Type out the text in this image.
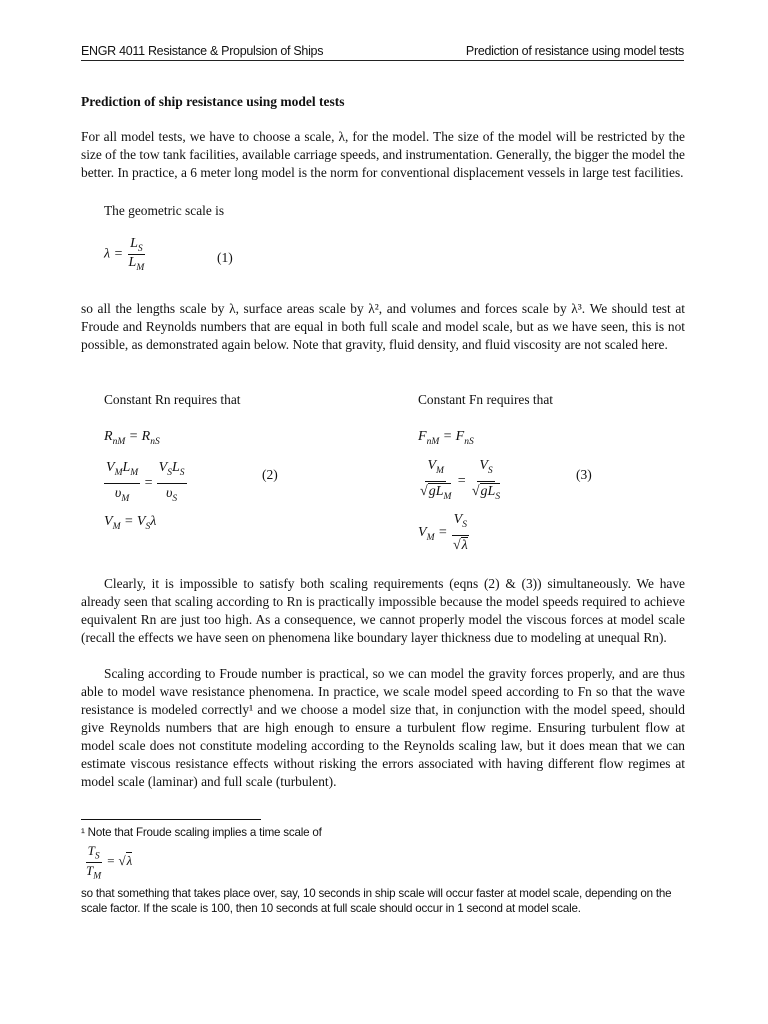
ENGR 4011 Resistance & Propulsion of Ships	Prediction of resistance using model tests
Prediction of ship resistance using model tests
For all model tests, we have to choose a scale, λ, for the model. The size of the model will be restricted by the size of the tow tank facilities, available carriage speeds, and instrumentation. Generally, the bigger the model the better. In practice, a 6 meter long model is the norm for conventional displacement vessels in large test facilities.
The geometric scale is
$\lambda = \frac{L_S}{L_M}$	(1)
so all the lengths scale by λ, surface areas scale by λ², and volumes and forces scale by λ³. We should test at Froude and Reynolds numbers that are equal in both full scale and model scale, but as we have seen, this is not possible, as demonstrated again below. Note that gravity, fluid density, and fluid viscosity are not scaled here.
Constant Rn requires that	Constant Fn requires that
$R_{nM} = R_{nS}$
$\frac{V_ML_M}{\upsilon_M} = \frac{V_SL_S}{\upsilon_S}$
$V_M = V_S\lambda$
(2)
$F_{nM} = F_{nS}$
$\frac{V_M}{√gL_M} = \frac{V_S}{√gL_S}$
$V_M = \frac{V_S}{√\lambda}$
(3)
Clearly, it is impossible to satisfy both scaling requirements (eqns (2) & (3)) simultaneously. We have already seen that scaling according to Rn is practically impossible because the model speeds required to achieve equivalent Rn are just too high. As a consequence, we cannot properly model the viscous forces at model scale (recall the effects we have seen on phenomena like boundary layer thickness due to modeling at unequal Rn).
Scaling according to Froude number is practical, so we can model the gravity forces properly, and are thus able to model wave resistance phenomena. In practice, we scale model speed according to Fn so that the wave resistance is modeled correctly¹ and we choose a model size that, in conjunction with the model speed, should give Reynolds numbers that are high enough to ensure a turbulent flow regime. Ensuring turbulent flow at model scale does not constitute modeling according to the Reynolds scaling law, but it does mean that we can estimate viscous resistance effects without risking the errors associated with having different flow regimes at model scale (laminar) and full scale (turbulent).
¹ Note that Froude scaling implies a time scale of
$\frac{T_S}{T_M} = √\lambda$
so that something that takes place over, say, 10 seconds in ship scale will occur faster at model scale, depending on the scale factor. If the scale is 100, then 10 seconds at full scale should occur in 1 second at model scale.
